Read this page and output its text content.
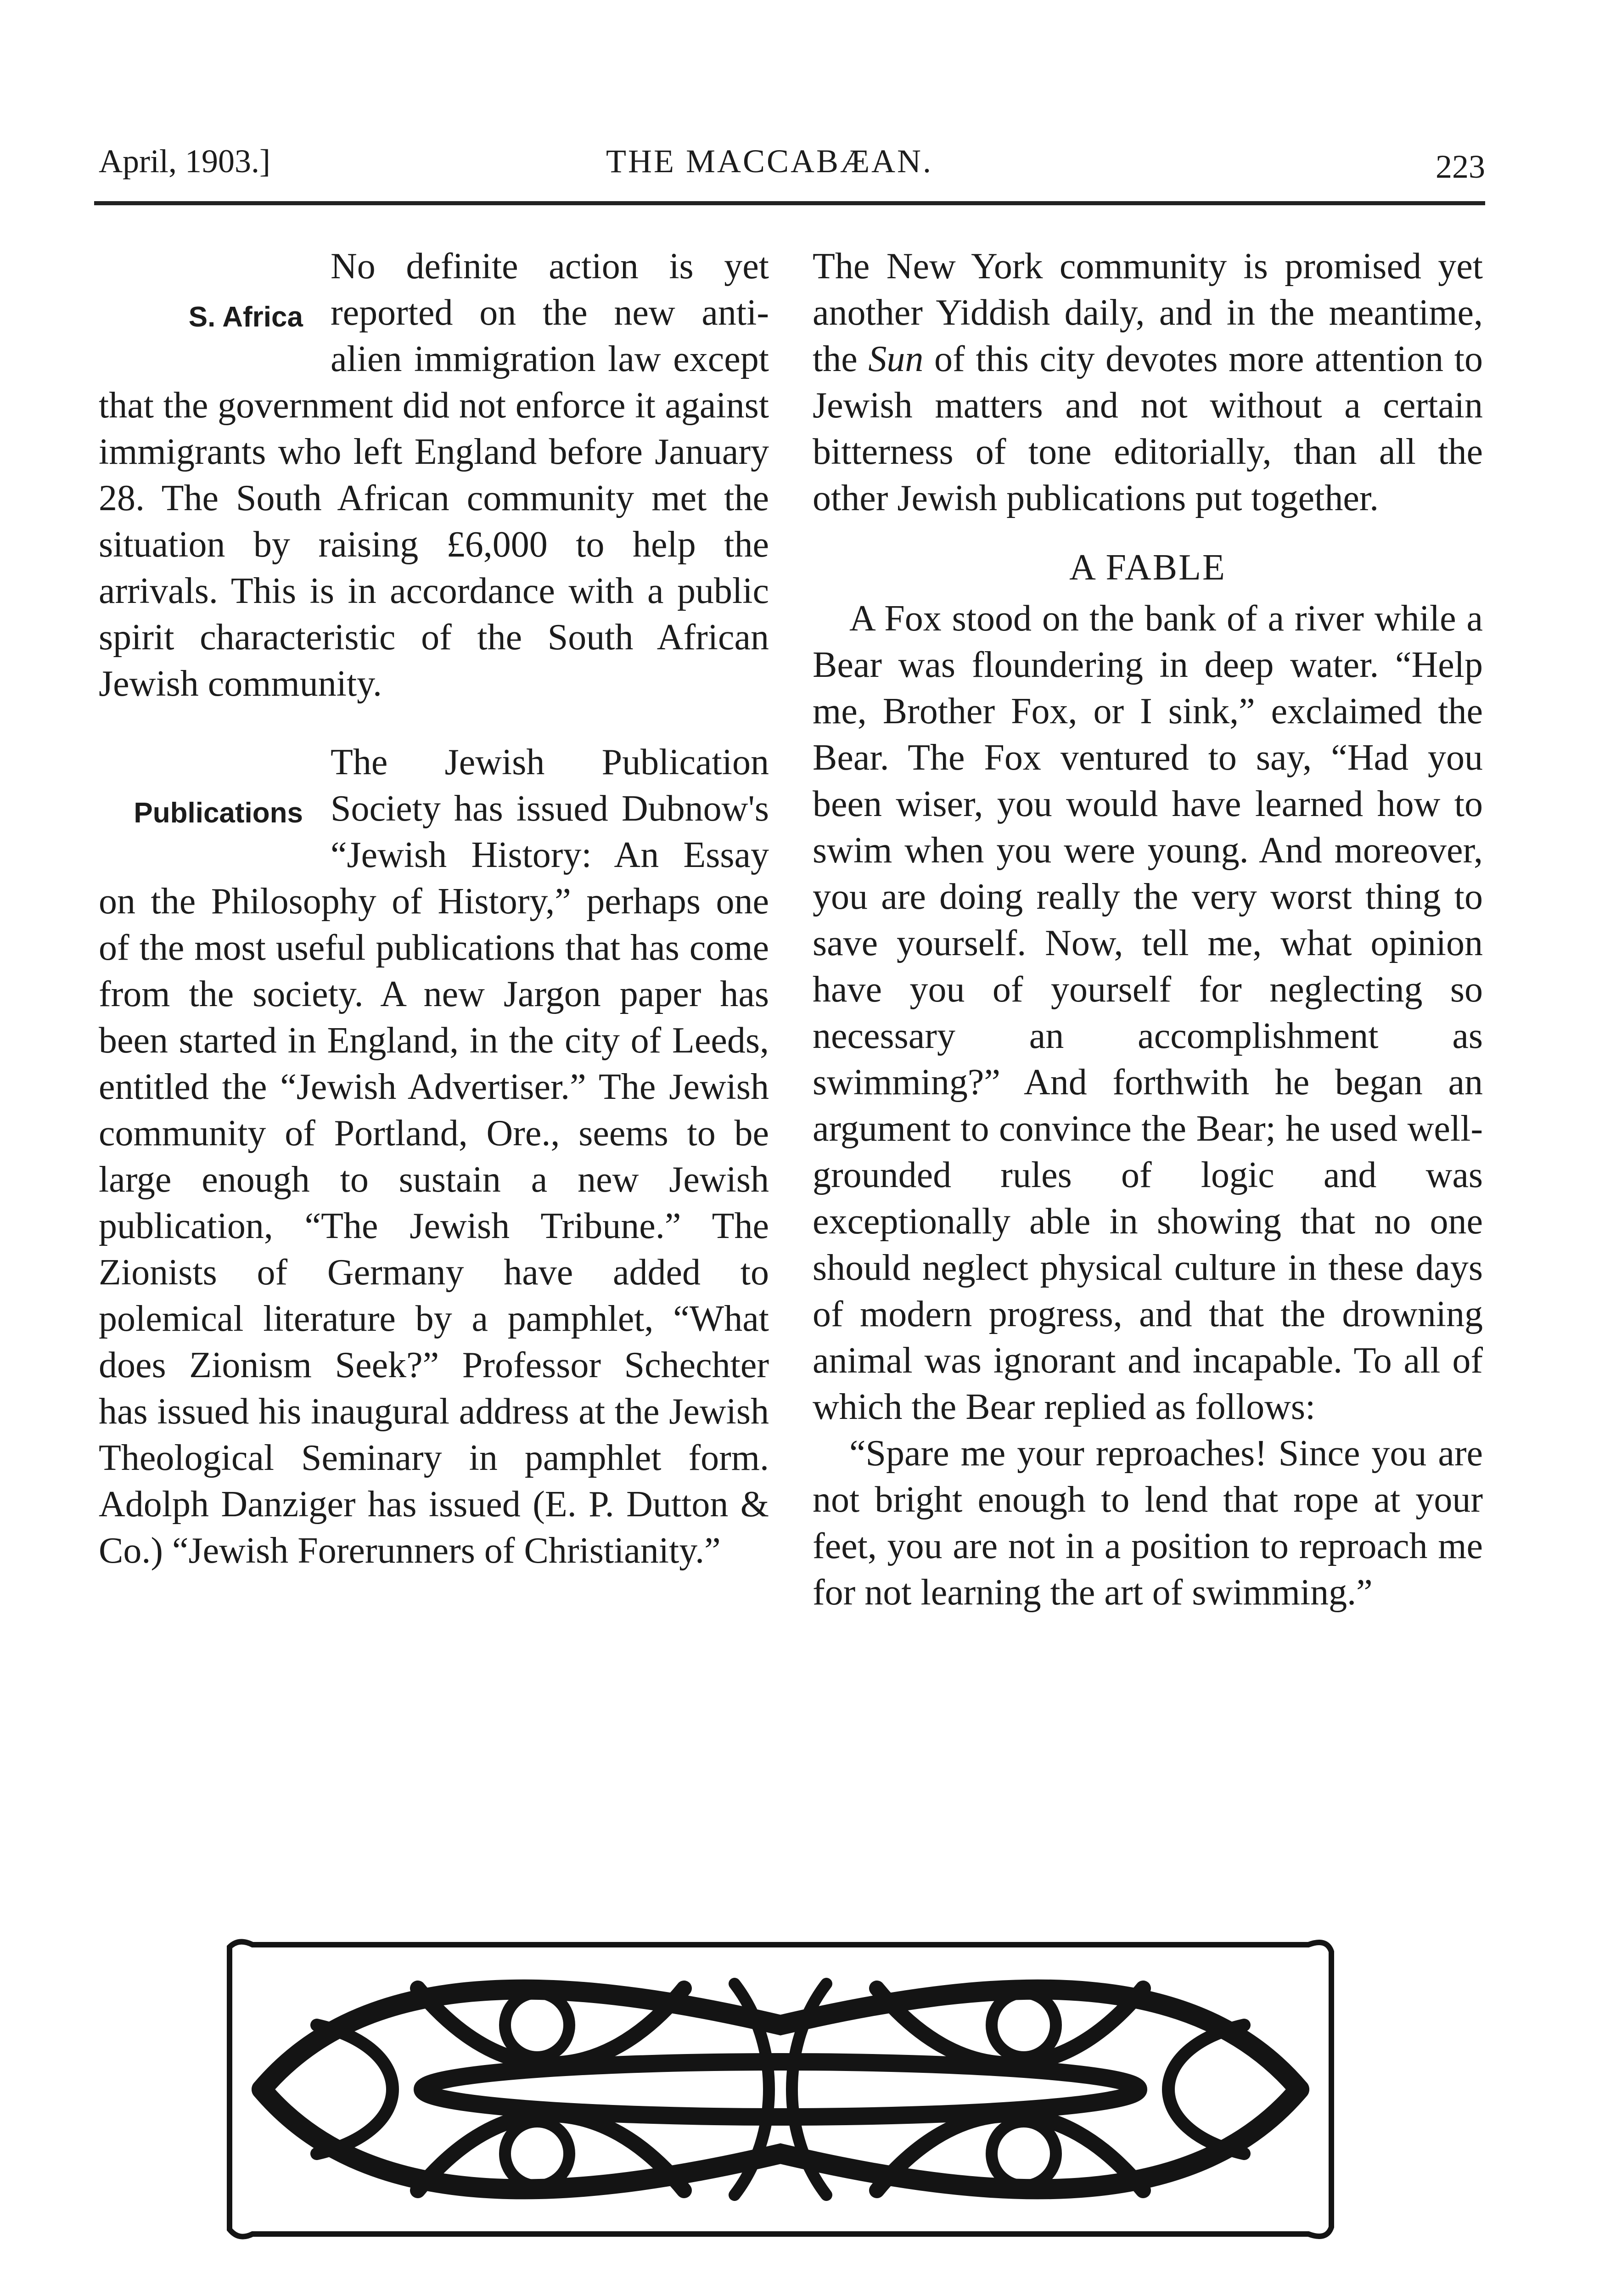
April, 1903.]	THE MACCABÆAN.	223
S. Africa

No definite action is yet reported on the new anti-alien immigration law except that the government did not enforce it against immigrants who left England before January 28. The South African community met the situation by raising £6,000 to help the arrivals. This is in accordance with a public spirit characteristic of the South African Jewish community.

Publications

The Jewish Publication Society has issued Dubnow's “Jewish History: An Essay on the Philosophy of History,” perhaps one of the most useful publications that has come from the society. A new Jargon paper has been started in England, in the city of Leeds, entitled the “Jewish Advertiser.” The Jewish community of Portland, Ore., seems to be large enough to sustain a new Jewish publication, “The Jewish Tribune.” The Zionists of Germany have added to polemical literature by a pamphlet, “What does Zionism Seek?” Professor Schechter has issued his inaugural address at the Jewish Theological Seminary in pamphlet form. Adolph Danziger has issued (E. P. Dutton & Co.) “Jewish Forerunners of Christianity.”

The New York community is promised yet another Yiddish daily, and in the meantime, the Sun of this city devotes more attention to Jewish matters and not without a certain bitterness of tone editorially, than all the other Jewish publications put together.

A FABLE

A Fox stood on the bank of a river while a Bear was floundering in deep water. “Help me, Brother Fox, or I sink,” exclaimed the Bear. The Fox ventured to say, “Had you been wiser, you would have learned how to swim when you were young. And moreover, you are doing really the very worst thing to save yourself. Now, tell me, what opinion have you of yourself for neglecting so necessary an accomplishment as swimming?” And forthwith he began an argument to convince the Bear; he used well-grounded rules of logic and was exceptionally able in showing that no one should neglect physical culture in these days of modern progress, and that the drowning animal was ignorant and incapable. To all of which the Bear replied as follows:

“Spare me your reproaches! Since you are not bright enough to lend that rope at your feet, you are not in a position to reproach me for not learning the art of swimming.”
